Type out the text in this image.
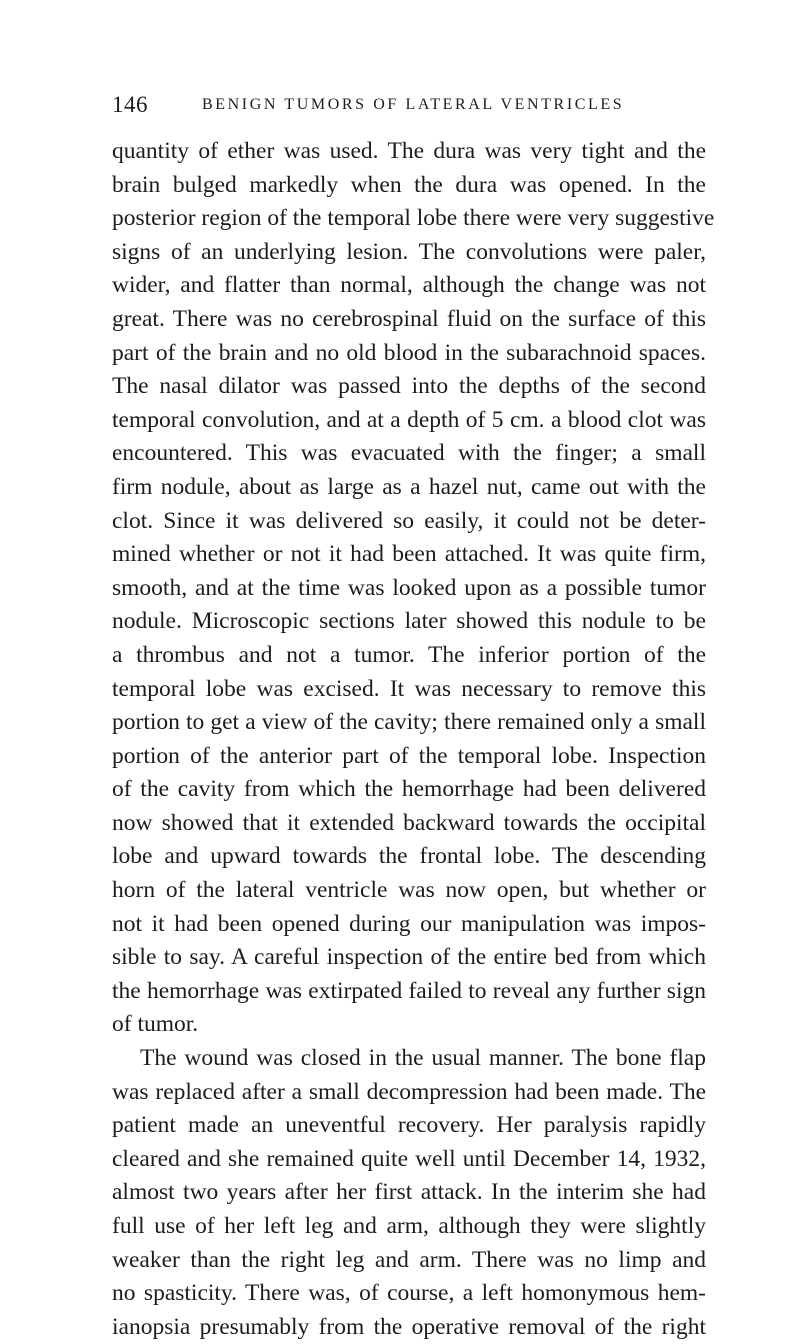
146	BENIGN TUMORS OF LATERAL VENTRICLES
quantity of ether was used. The dura was very tight and the
brain bulged markedly when the dura was opened. In the
posterior region of the temporal lobe there were very suggestive
signs of an underlying lesion. The convolutions were paler,
wider, and flatter than normal, although the change was not
great. There was no cerebrospinal fluid on the surface of this
part of the brain and no old blood in the subarachnoid spaces.
The nasal dilator was passed into the depths of the second
temporal convolution, and at a depth of 5 cm. a blood clot was
encountered. This was evacuated with the finger; a small
firm nodule, about as large as a hazel nut, came out with the
clot. Since it was delivered so easily, it could not be deter-
mined whether or not it had been attached. It was quite firm,
smooth, and at the time was looked upon as a possible tumor
nodule. Microscopic sections later showed this nodule to be
a thrombus and not a tumor. The inferior portion of the
temporal lobe was excised. It was necessary to remove this
portion to get a view of the cavity; there remained only a small
portion of the anterior part of the temporal lobe. Inspection
of the cavity from which the hemorrhage had been delivered
now showed that it extended backward towards the occipital
lobe and upward towards the frontal lobe. The descending
horn of the lateral ventricle was now open, but whether or
not it had been opened during our manipulation was impos-
sible to say. A careful inspection of the entire bed from which
the hemorrhage was extirpated failed to reveal any further sign
of tumor.
The wound was closed in the usual manner. The bone flap
was replaced after a small decompression had been made. The
patient made an uneventful recovery. Her paralysis rapidly
cleared and she remained quite well until December 14, 1932,
almost two years after her first attack. In the interim she had
full use of her left leg and arm, although they were slightly
weaker than the right leg and arm. There was no limp and
no spasticity. There was, of course, a left homonymous hem-
ianopsia presumably from the operative removal of the right
